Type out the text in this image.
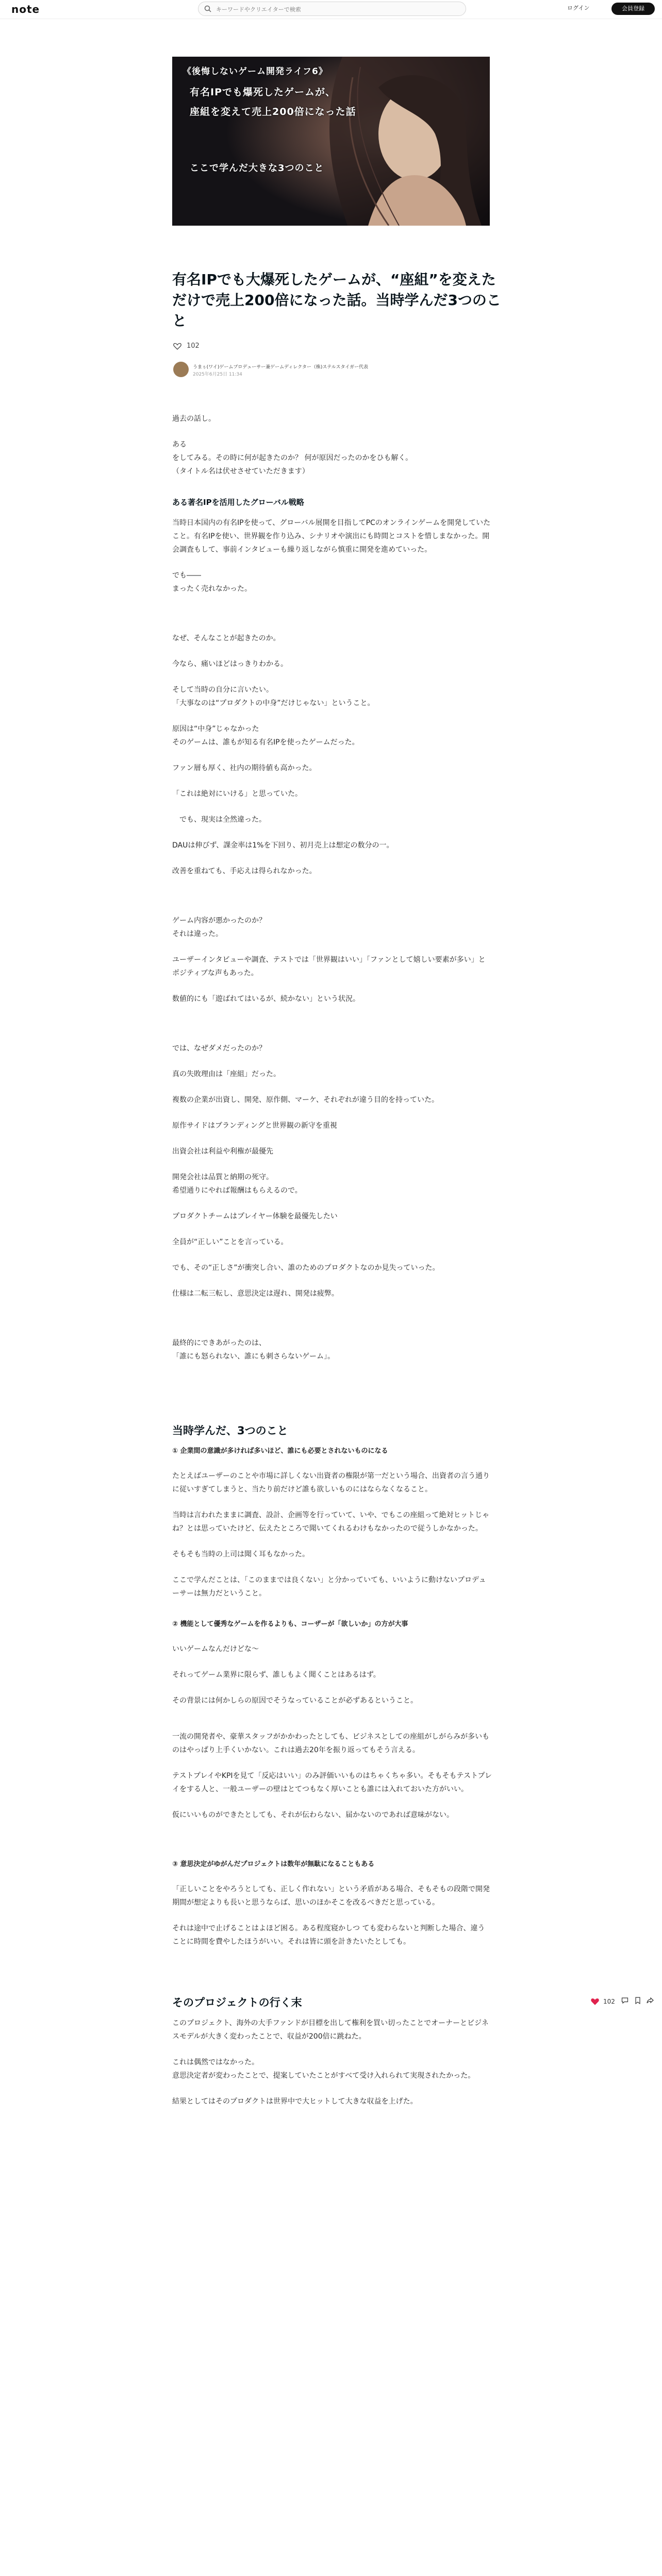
note
キーワードやクリエイターで検索	ログイン	会員登録
《後悔しないゲーム開発ライフ6》
有名IPでも爆死したゲームが、
座組を変えて売上200倍になった話
ここで学んだ大きな3つのこと
有名IPでも大爆死したゲームが、“座組”を変えただけで売上200倍になった話。当時学んだ3つのこと
102
うまぅ(ワイ)ゲームプロデューサー兼ゲームディレクター（株)ステルスタイガー代表
2025年6月25日 11:34

過去の話し。

ある

をしてみる。その時に何が起きたのか？ 何が原因だったのかをひも解く。

（タイトル名は伏せさせていただきます）

ある著名IPを活用したグローバル戦略

当時日本国内の有名IPを使って、グローバル展開を目指してPCのオンラインゲームを開発していたこと。有名IPを使い、世界観を作り込み、シナリオや演出にも時間とコストを惜しまなかった。開会調査もして、事前インタビューも繰り返しながら慎重に開発を進めていった。

でも――

まったく売れなかった。

なぜ、そんなことが起きたのか。

今なら、痛いほどはっきりわかる。

そして当時の自分に言いたい。

「大事なのは“プロダクトの中身”だけじゃない」ということ。

原因は“中身”じゃなかった

そのゲームは、誰もが知る有名IPを使ったゲームだった。

ファン層も厚く、社内の期待値も高かった。

「これは絶対にいける」と思っていた。

でも、現実は全然違った。

DAUは伸びず、課金率は1%を下回り、初月売上は想定の数分の一。

改善を重ねても、手応えは得られなかった。

ゲーム内容が悪かったのか？

それは違った。

ユーザーインタビューや調査、テストでは「世界観はいい」「ファンとして嬉しい要素が多い」とポジティブな声もあった。

数値的にも「遊ばれてはいるが、続かない」という状況。

では、なぜダメだったのか？

真の失敗理由は「座組」だった。

複数の企業が出資し、開発、原作側、マーケ、それぞれが違う目的を持っていた。

原作サイドはブランディングと世界観の新守を重視

出資会社は利益や利権が最優先

開発会社は品質と納期の死守。

希望通りにやれば報酬はもらえるので。

プロダクトチームはプレイヤー体験を最優先したい

全員が“正しい”ことを言っている。

でも、その“正しさ”が衝突し合い、誰のためのプロダクトなのか見失っていった。

仕様は二転三転し、意思決定は遅れ、開発は疲弊。

最終的にできあがったのは、

「誰にも怒られない、誰にも刺さらないゲーム」。

当時学んだ、3つのこと
① 企業間の意識が多ければ多いほど、誰にも必要とされないものになる

たとえばユーザーのことや市場に詳しくない出資者の権限が第一だという場合、出資者の言う通りに従いすぎてしまうと、当たり前だけど誰も欲しいものにはならなくなること。

当時は言われたままに調査、設計、企画等を行っていて、いや、でもこの座組って絶対ヒットじゃね？とは思っていたけど、伝えたところで聞いてくれるわけもなかったので従うしかなかった。

そもそも当時の上司は聞く耳もなかった。

ここで学んだことは、「このままでは良くない」と分かっていても、いいように動けないプロデューサーは無力だということ。

② 機能として優秀なゲームを作るよりも、コーザーが「欲しいか」の方が大事

いいゲームなんだけどな～

それってゲーム業界に限らず、誰しもよく聞くことはあるはず。

その背景には何かしらの原因でそうなっていることが必ずあるということ。

一流の開発者や、豪華スタッフがかかわったとしても、ビジネスとしての座組がしがらみが多いものはやっぱり上手くいかない。これは過去20年を振り返ってもそう言える。

テストプレイやKPIを見て「反応はいい」のみ評価いいものはちゃくちゃ多い。そもそもテストプレイをする人と、一般ユーザーの壁はとてつもなく厚いことも誰には入れておいた方がいい。

仮にいいものができたとしても、それが伝わらない、届かないのであれば意味がない。

③ 意思決定がゆがんだプロジェクトは数年が無駄になることもある

「正しいことをやろうとしても、正しく作れない」という矛盾がある場合、そもそもの段階で開発期間が想定よりも長いと思うならば、思いのほかそこを改るべきだと思っている。

それは途中で止げることはよほど困る。ある程度寝かしつ ても変わらないと判断した場合、違うことに時間を費やしたほうがいい。それは皆に頭を計きたいたとしても。

そのプロジェクトの行く末

このプロジェクト、海外の大手ファンドが目標を出して権利を買い切ったことでオーナーとビジネスモデルが大きく変わったことで、収益が200倍に跳ねた。

これは偶然ではなかった。

意思決定者が変わったことで、提案していたことがすべて受け入れられて実現されたかった。

結果としてはそのプロダクトは世界中で大ヒットして大きな収益を上げた。

102
